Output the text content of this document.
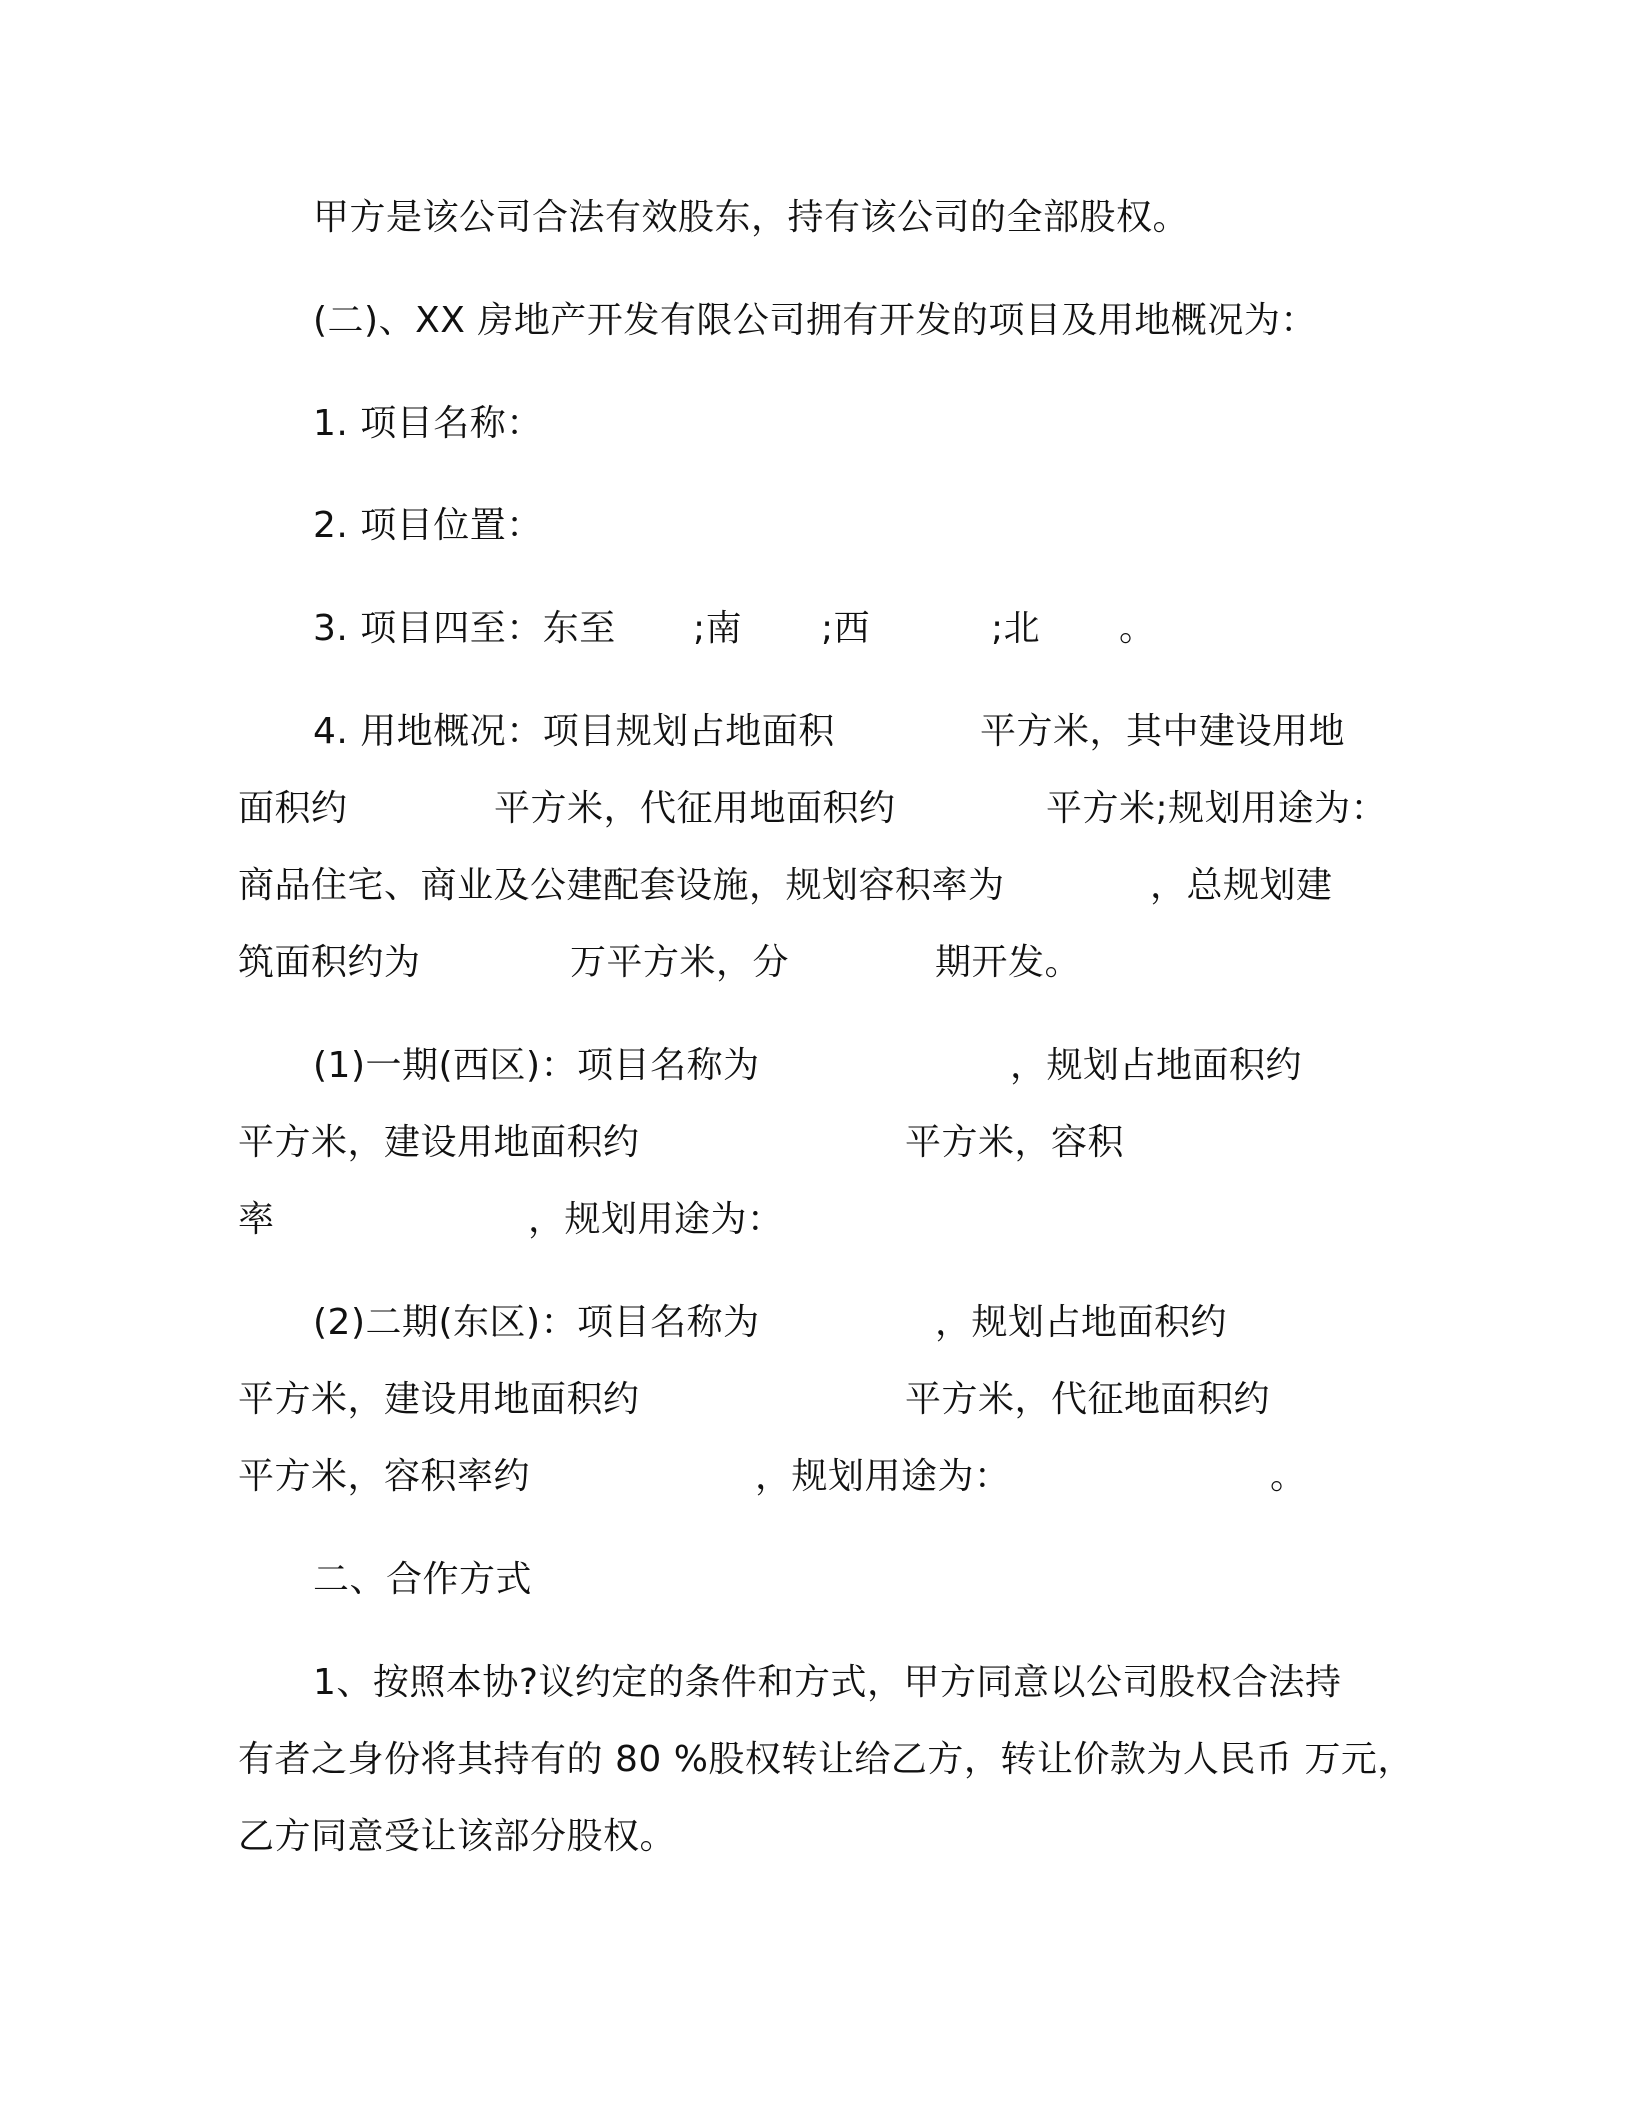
甲方是该公司合法有效股东，持有该公司的全部股权。
(二)、XX 房地产开发有限公司拥有开发的项目及用地概况为：
1. 项目名称：
2. 项目位置：
3. 项目四至：东至 ;南 ;西	;北 。
4. 用地概况：项目规划占地面积	平方米，其中建设用地
面积约	平方米，代征用地面积约	平方米;规划用途为：
商品住宅、商业及公建配套设施，规划容积率为	，总规划建
筑面积约为	万平方米，分	期开发。
(1)一期(西区)：项目名称为	，规划占地面积约
平方米，建设用地面积约	平方米，容积
率	，规划用途为：
(2)二期(东区)：项目名称为	，规划占地面积约
平方米，建设用地面积约	平方米，代征地面积约
平方米，容积率约	，规划用途为：	。
二、合作方式
1、按照本协?议约定的条件和方式，甲方同意以公司股权合法持
有者之身份将其持有的 80 %股权转让给乙方，转让价款为人民币 万元，
乙方同意受让该部分股权。
